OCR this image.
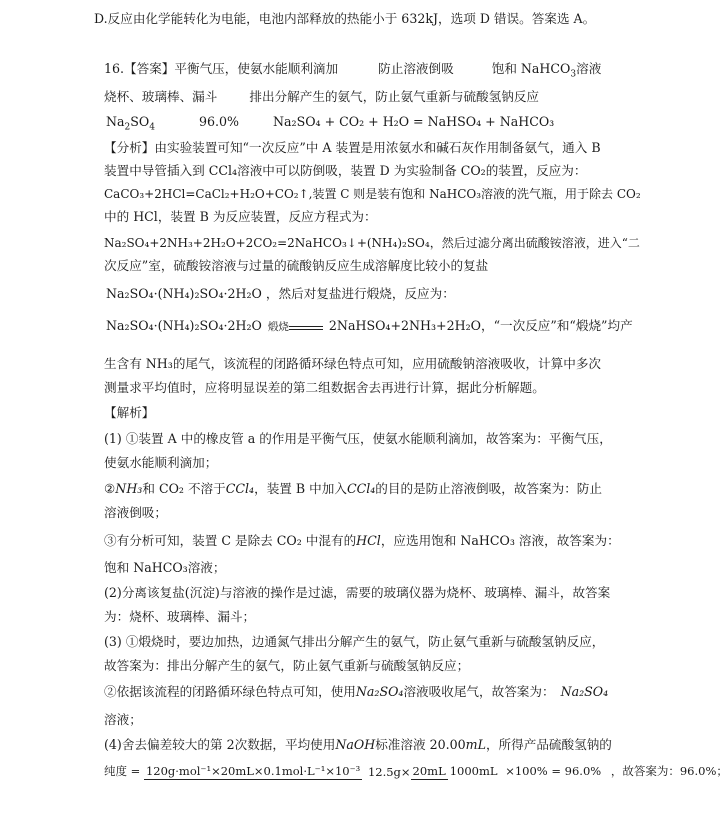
D.反应由化学能转化为电能，电池内部释放的热能小于 632kJ，选项 D 错误。答案选 A。
16.【答案】平衡气压，使氨水能顺利滴加	防止溶液倒吸	饱和 NaHCO$_3$溶液
烧杯、玻璃棒、漏斗	排出分解产生的氨气，防止氨气重新与硫酸氢钠反应
$Na_2SO_4$	96.0%	Na₂SO₄ + CO₂ + H₂O = NaHSO₄ + NaHCO₃
【分析】由实验装置可知“一次反应”中 A 装置是用浓氨水和碱石灰作用制备氨气，通入 B
装置中导管插入到 CCl₄溶液中可以防倒吸，装置 D 为实验制备 CO₂的装置，反应为：
CaCO₃+2HCl=CaCl₂+H₂O+CO₂↑,装置 C 则是装有饱和 NaHCO₃溶液的洗气瓶，用于除去 CO₂
中的 HCl，装置 B 为反应装置，反应方程式为：
Na₂SO₄+2NH₃+2H₂O+2CO₂=2NaHCO₃↓+(NH₄)₂SO₄，然后过滤分离出硫酸铵溶液，进入“二
次反应”室，硫酸铵溶液与过量的硫酸钠反应生成溶解度比较小的复盐
Na₂SO₄·(NH₄)₂SO₄·2H₂O ，然后对复盐进行煅烧，反应为：
Na₂SO₄·(NH₄)₂SO₄·2H₂O 煅烧	2NaHSO₄+2NH₃+2H₂O，“一次反应”和“煅烧”均产
生含有 NH₃的尾气，该流程的闭路循环绿色特点可知，应用硫酸钠溶液吸收，计算中多次
测量求平均值时，应将明显误差的第二组数据舍去再进行计算，据此分析解题。
【解析】
(1) ①装置 A 中的橡皮管 a 的作用是平衡气压，使氨水能顺利滴加，故答案为：平衡气压，
使氨水能顺利滴加；
②NH₃和 CO₂ 不溶于CCl₄，装置 B 中加入CCl₄的目的是防止溶液倒吸，故答案为：防止
溶液倒吸；
③有分析可知，装置 C 是除去 CO₂ 中混有的HCl，应选用饱和 NaHCO₃ 溶液，故答案为：
饱和 NaHCO₃溶液；
(2)分离该复盐(沉淀)与溶液的操作是过滤，需要的玻璃仪器为烧杯、玻璃棒、漏斗，故答案
为：烧杯、玻璃棒、漏斗；
(3) ①煅烧时，要边加热，边通氮气排出分解产生的氨气，防止氨气重新与硫酸氢钠反应，
故答案为：排出分解产生的氨气，防止氨气重新与硫酸氢钠反应；
②依据该流程的闭路循环绿色特点可知，使用Na₂SO₄溶液吸收尾气，故答案为： Na₂SO₄
溶液；
(4)舍去偏差较大的第 2次数据，平均使用NaOH标准溶液 20.00mL，所得产品硫酸氢钠的
纯度 = 120g·mol⁻¹×20mL×0.1mol·L⁻¹×10⁻³ 12.5g× 20mL 1000mL ×100% = 96.0% ，故答案为：96.0%；
